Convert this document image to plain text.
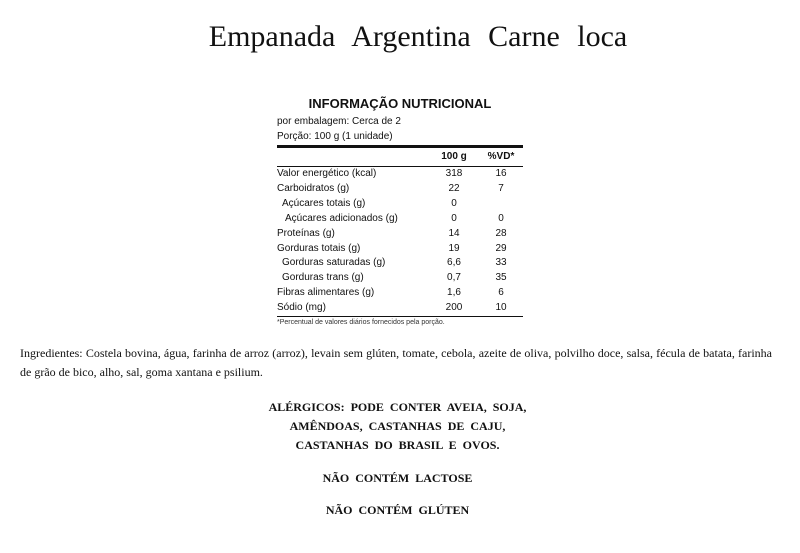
Empanada Argentina Carne loca
INFORMAÇÃO NUTRICIONAL
por embalagem: Cerca de 2
Porção: 100 g (1 unidade)
	100 g	%VD*
Valor energético (kcal)	318	16
Carboidratos (g)	22	7
Açúcares totais (g)	0	
Açúcares adicionados (g)	0	0
Proteínas (g)	14	28
Gorduras totais (g)	19	29
Gorduras saturadas (g)	6,6	33
Gorduras trans (g)	0,7	35
Fibras alimentares (g)	1,6	6
Sódio (mg)	200	10
*Percentual de valores diários fornecidos pela porção.
Ingredientes: Costela bovina, água, farinha de arroz (arroz), levain sem glúten, tomate, cebola, azeite de oliva, polvilho doce, salsa, fécula de batata, farinha de grão de bico, alho, sal, goma xantana e psilium.
ALÉRGICOS: PODE CONTER AVEIA, SOJA,
AMÊNDOAS, CASTANHAS DE CAJU,
CASTANHAS DO BRASIL E OVOS.
NÃO CONTÉM LACTOSE
NÃO CONTÉM GLÚTEN
